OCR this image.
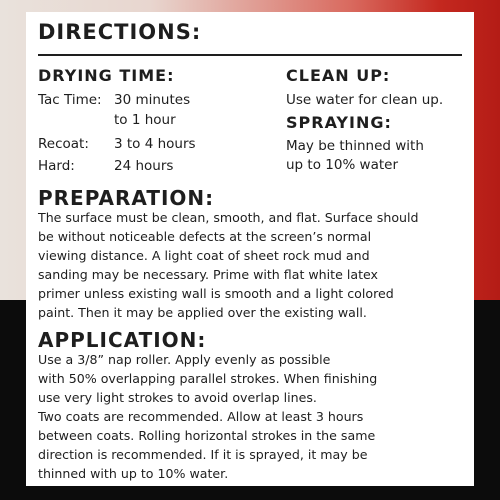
DIRECTIONS:
DRYING TIME:
Tac Time: 30 minutes
to 1 hour
Recoat: 3 to 4 hours
Hard:	24 hours
CLEAN UP:
Use water for clean up.
SPRAYING:
May be thinned with
up to 10% water
PREPARATION:
The surface must be clean, smooth, and flat. Surface should
be without noticeable defects at the screen’s normal
viewing distance. A light coat of sheet rock mud and
sanding may be necessary. Prime with flat white latex
primer unless existing wall is smooth and a light colored
paint. Then it may be applied over the existing wall.
APPLICATION:
Use a 3/8” nap roller. Apply evenly as possible
with 50% overlapping parallel strokes. When finishing
use very light strokes to avoid overlap lines.
Two coats are recommended. Allow at least 3 hours
between coats. Rolling horizontal strokes in the same
direction is recommended. If it is sprayed, it may be
thinned with up to 10% water.
